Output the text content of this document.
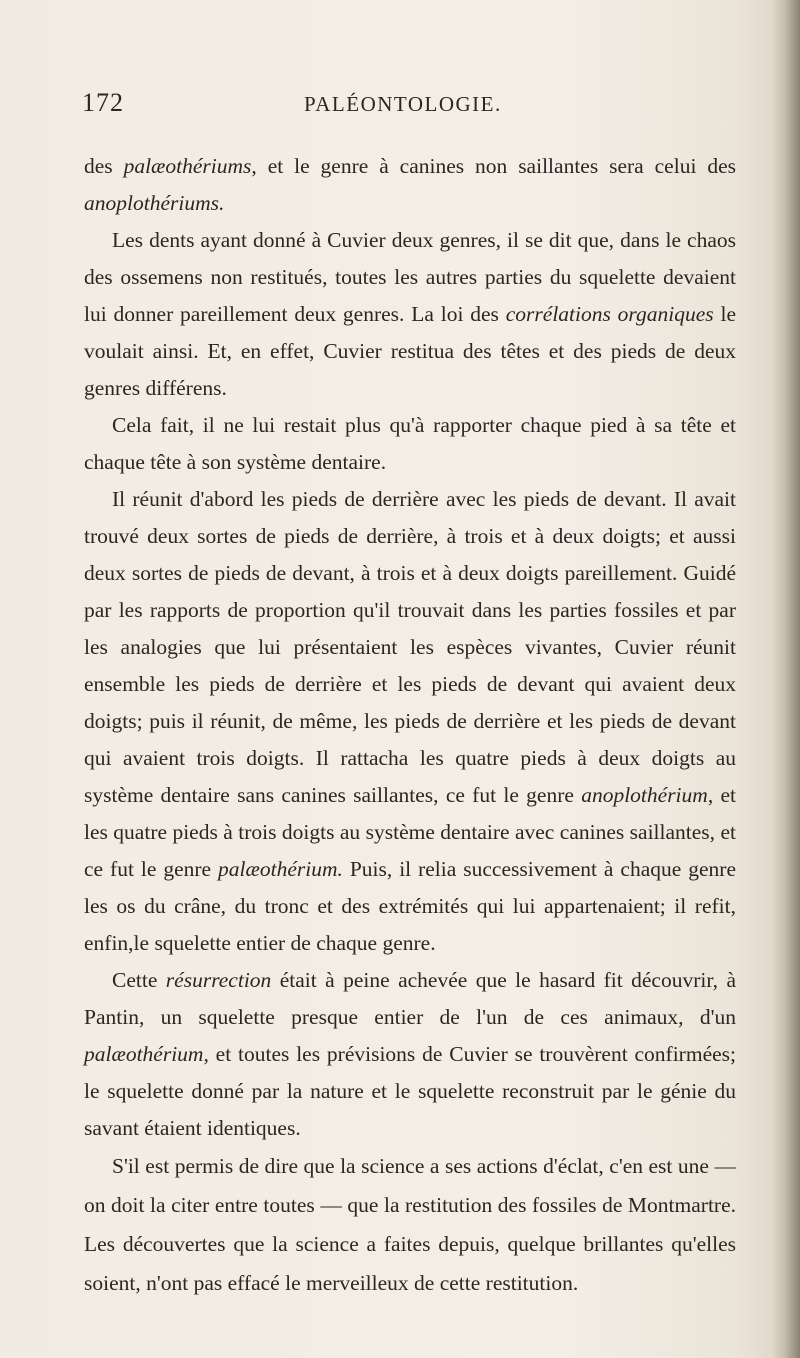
172	PALÉONTOLOGIE.

des palæothériums, et le genre à canines non saillantes sera celui des anoplothériums.

Les dents ayant donné à Cuvier deux genres, il se dit que, dans le chaos des ossemens non restitués, toutes les autres parties du squelette devaient lui donner pareillement deux genres. La loi des corrélations organiques le voulait ainsi. Et, en effet, Cuvier restitua des têtes et des pieds de deux genres différens.

Cela fait, il ne lui restait plus qu'à rapporter chaque pied à sa tête et chaque tête à son système dentaire.

Il réunit d'abord les pieds de derrière avec les pieds de devant. Il avait trouvé deux sortes de pieds de derrière, à trois et à deux doigts; et aussi deux sortes de pieds de devant, à trois et à deux doigts pareillement. Guidé par les rapports de proportion qu'il trouvait dans les parties fossiles et par les analogies que lui présentaient les espèces vivantes, Cuvier réunit ensemble les pieds de derrière et les pieds de devant qui avaient deux doigts; puis il réunit, de même, les pieds de derrière et les pieds de devant qui avaient trois doigts. Il rattacha les quatre pieds à deux doigts au système dentaire sans canines saillantes, ce fut le genre anoplothérium, et les quatre pieds à trois doigts au système dentaire avec canines saillantes, et ce fut le genre palæothérium. Puis, il relia successivement à chaque genre les os du crâne, du tronc et des extrémités qui lui appartenaient; il refit, enfin,le squelette entier de chaque genre.

Cette résurrection était à peine achevée que le hasard fit découvrir, à Pantin, un squelette presque entier de l'un de ces animaux, d'un palæothérium, et toutes les prévisions de Cuvier se trouvèrent confirmées; le squelette donné par la nature et le squelette reconstruit par le génie du savant étaient identiques.

S'il est permis de dire que la science a ses actions d'éclat, c'en est une — on doit la citer entre toutes — que la restitution des fossiles de Montmartre. Les découvertes que la science a faites depuis, quelque brillantes qu'elles soient, n'ont pas effacé le merveilleux de cette restitution.
